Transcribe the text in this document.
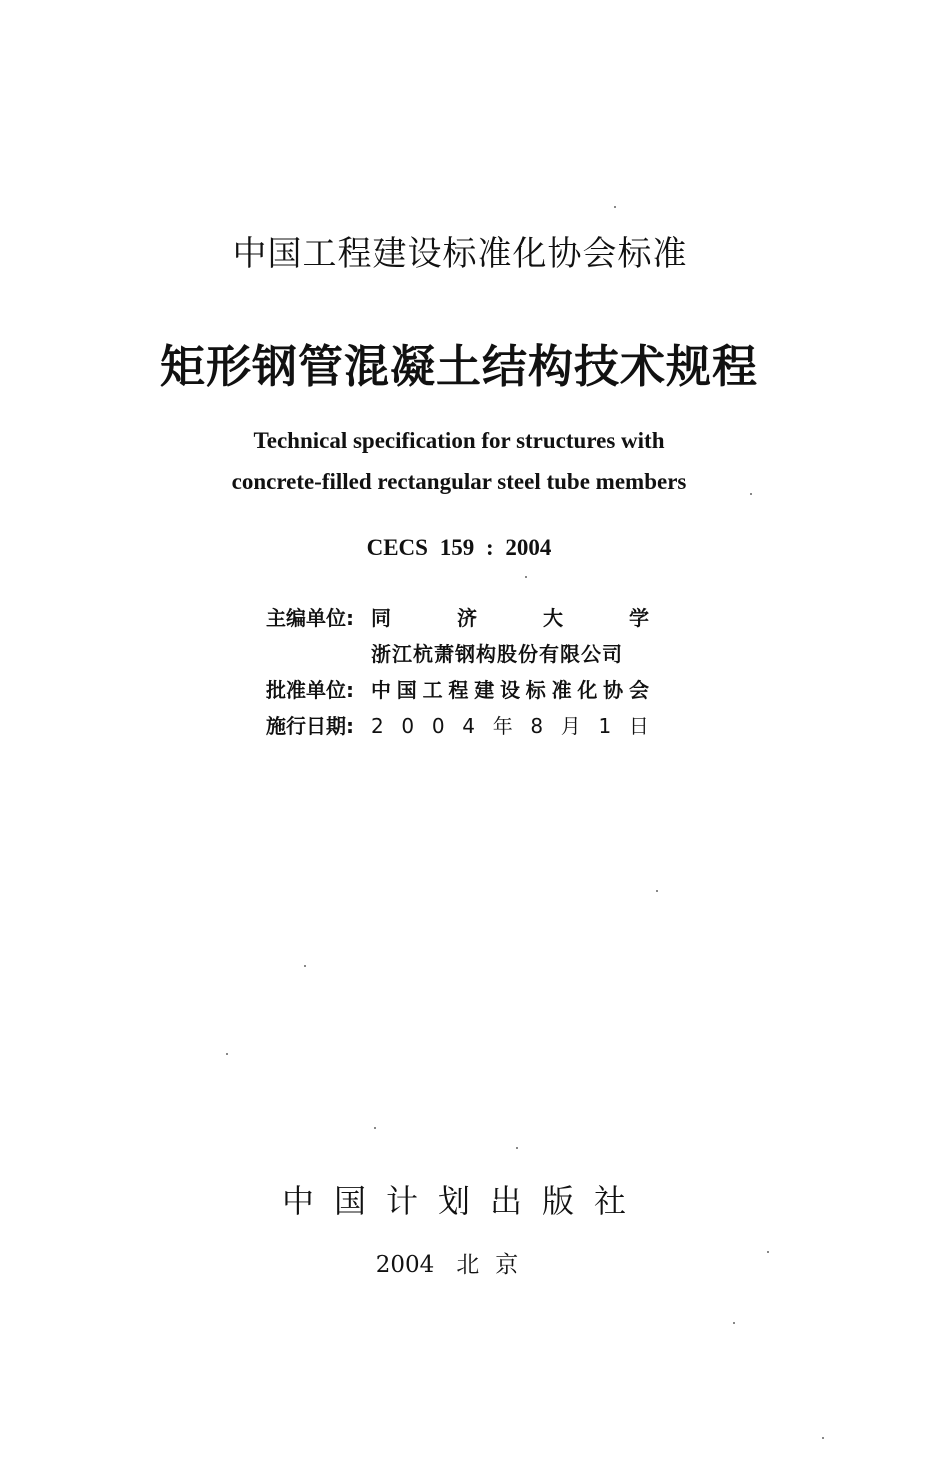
中国工程建设标准化协会标准
矩形钢管混凝土结构技术规程
Technical specification for structures with
concrete-filled rectangular steel tube members
CECS 159 : 2004
主编单位: 同	济	大	学
浙江杭萧钢构股份有限公司
批准单位: 中 国 工 程 建 设 标 准 化 协 会
施行日期: 2 0 0 4 年 8 月 1 日
中国计划出版社
2004 北京
